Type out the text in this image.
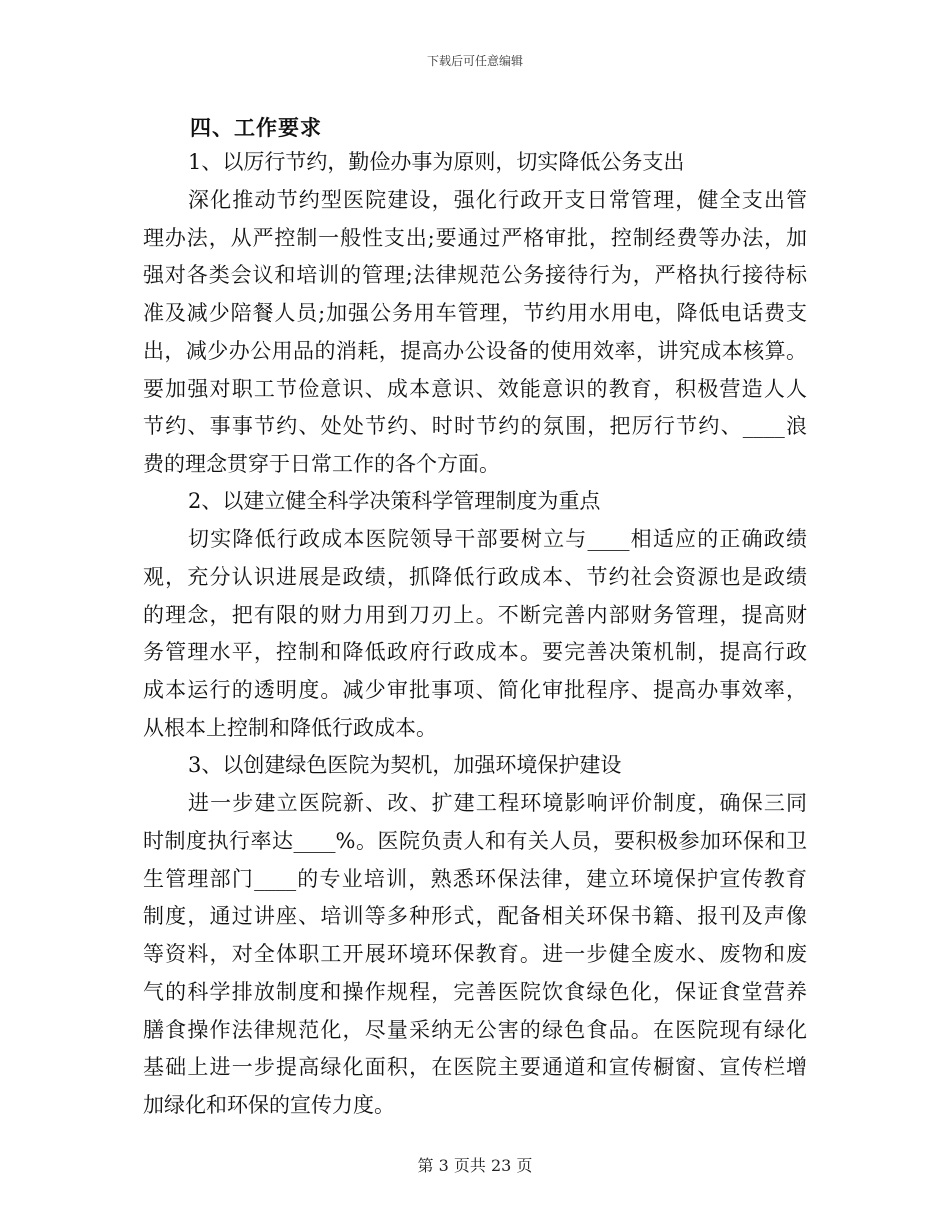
下载后可任意编辑
四、工作要求
1、以厉行节约，勤俭办事为原则，切实降低公务支出
深化推动节约型医院建设，强化行政开支日常管理，健全支出管
理办法，从严控制一般性支出;要通过严格审批，控制经费等办法，加
强对各类会议和培训的管理;法律规范公务接待行为，严格执行接待标
准及减少陪餐人员;加强公务用车管理，节约用水用电，降低电话费支
出，减少办公用品的消耗，提高办公设备的使用效率，讲究成本核算。
要加强对职工节俭意识、成本意识、效能意识的教育，积极营造人人
节约、事事节约、处处节约、时时节约的氛围，把厉行节约、____浪
费的理念贯穿于日常工作的各个方面。
2、以建立健全科学决策科学管理制度为重点
切实降低行政成本医院领导干部要树立与____相适应的正确政绩
观，充分认识进展是政绩，抓降低行政成本、节约社会资源也是政绩
的理念，把有限的财力用到刀刃上。不断完善内部财务管理，提高财
务管理水平，控制和降低政府行政成本。要完善决策机制，提高行政
成本运行的透明度。减少审批事项、简化审批程序、提高办事效率，
从根本上控制和降低行政成本。
3、以创建绿色医院为契机，加强环境保护建设
进一步建立医院新、改、扩建工程环境影响评价制度，确保三同
时制度执行率达____%。医院负责人和有关人员，要积极参加环保和卫
生管理部门____的专业培训，熟悉环保法律，建立环境保护宣传教育
制度，通过讲座、培训等多种形式，配备相关环保书籍、报刊及声像
等资料，对全体职工开展环境环保教育。进一步健全废水、废物和废
气的科学排放制度和操作规程，完善医院饮食绿色化，保证食堂营养
膳食操作法律规范化，尽量采纳无公害的绿色食品。在医院现有绿化
基础上进一步提高绿化面积，在医院主要通道和宣传橱窗、宣传栏增
加绿化和环保的宣传力度。
第 3 页共 23 页
